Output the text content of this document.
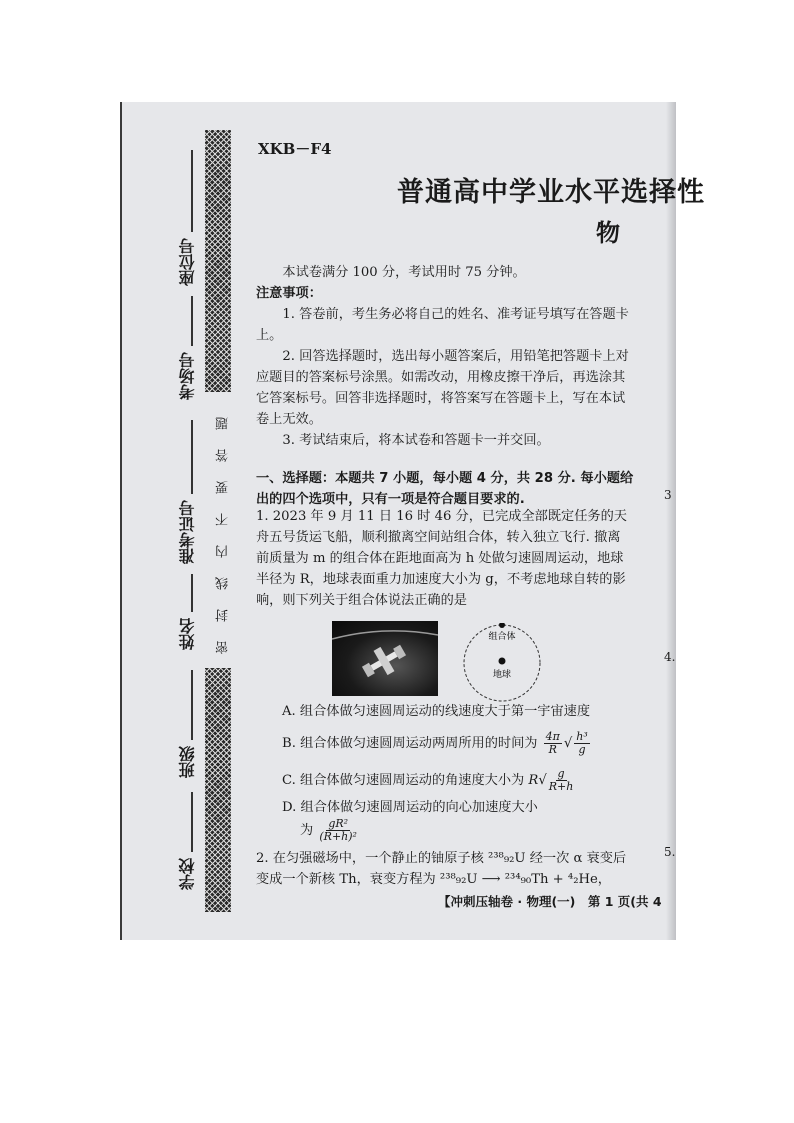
座位号
考场号
准考证号
姓名
班级
学校
题
答
要
不
内
线
封
密
XKB－F4
普通高中学业水平选择性
物

本试卷满分 100 分，考试用时 75 分钟。

注意事项：

1. 答卷前，考生务必将自己的姓名、准考证号填写在答题卡上。

2. 回答选择题时，选出每小题答案后，用铅笔把答题卡上对应题目的答案标号涂黑。如需改动，用橡皮擦干净后，再选涂其它答案标号。回答非选择题时，将答案写在答题卡上，写在本试卷上无效。

3. 考试结束后，将本试卷和答题卡一并交回。

一、选择题：本题共 7 小题，每小题 4 分，共 28 分. 每小题给出的四个选项中，只有一项是符合题目要求的.
1. 2023 年 9 月 11 日 16 时 46 分，已完成全部既定任务的天舟五号货运飞船，顺利撤离空间站组合体，转入独立飞行. 撤离前质量为 m 的组合体在距地面高为 h 处做匀速圆周运动，地球半径为 R，地球表面重力加速度大小为 g，不考虑地球自转的影响，则下列关于组合体说法正确的是
组合体
地球
A. 组合体做匀速圆周运动的线速度大于第一宇宙速度
B. 组合体做匀速圆周运动两周所用的时间为 $\frac{4\pi}{R}$ √ $\frac{\text{h³}}{g}$
C. 组合体做匀速圆周运动的角速度大小为 $R√ \frac{g}{R+h}$
D. 组合体做匀速圆周运动的向心加速度大小
为 $\frac{\text{gR²}}{\text{(R+h)²}}$
2. 在匀强磁场中，一个静止的铀原子核 ²³⁸₉₂U 经一次 α 衰变后变成一个新核 Th，衰变方程为 ²³⁸₉₂U ⟶ ²³⁴₉₀Th + ⁴₂He，
【冲刺压轴卷 · 物理(一)　第 1 页(共 4
3
4.
5.
